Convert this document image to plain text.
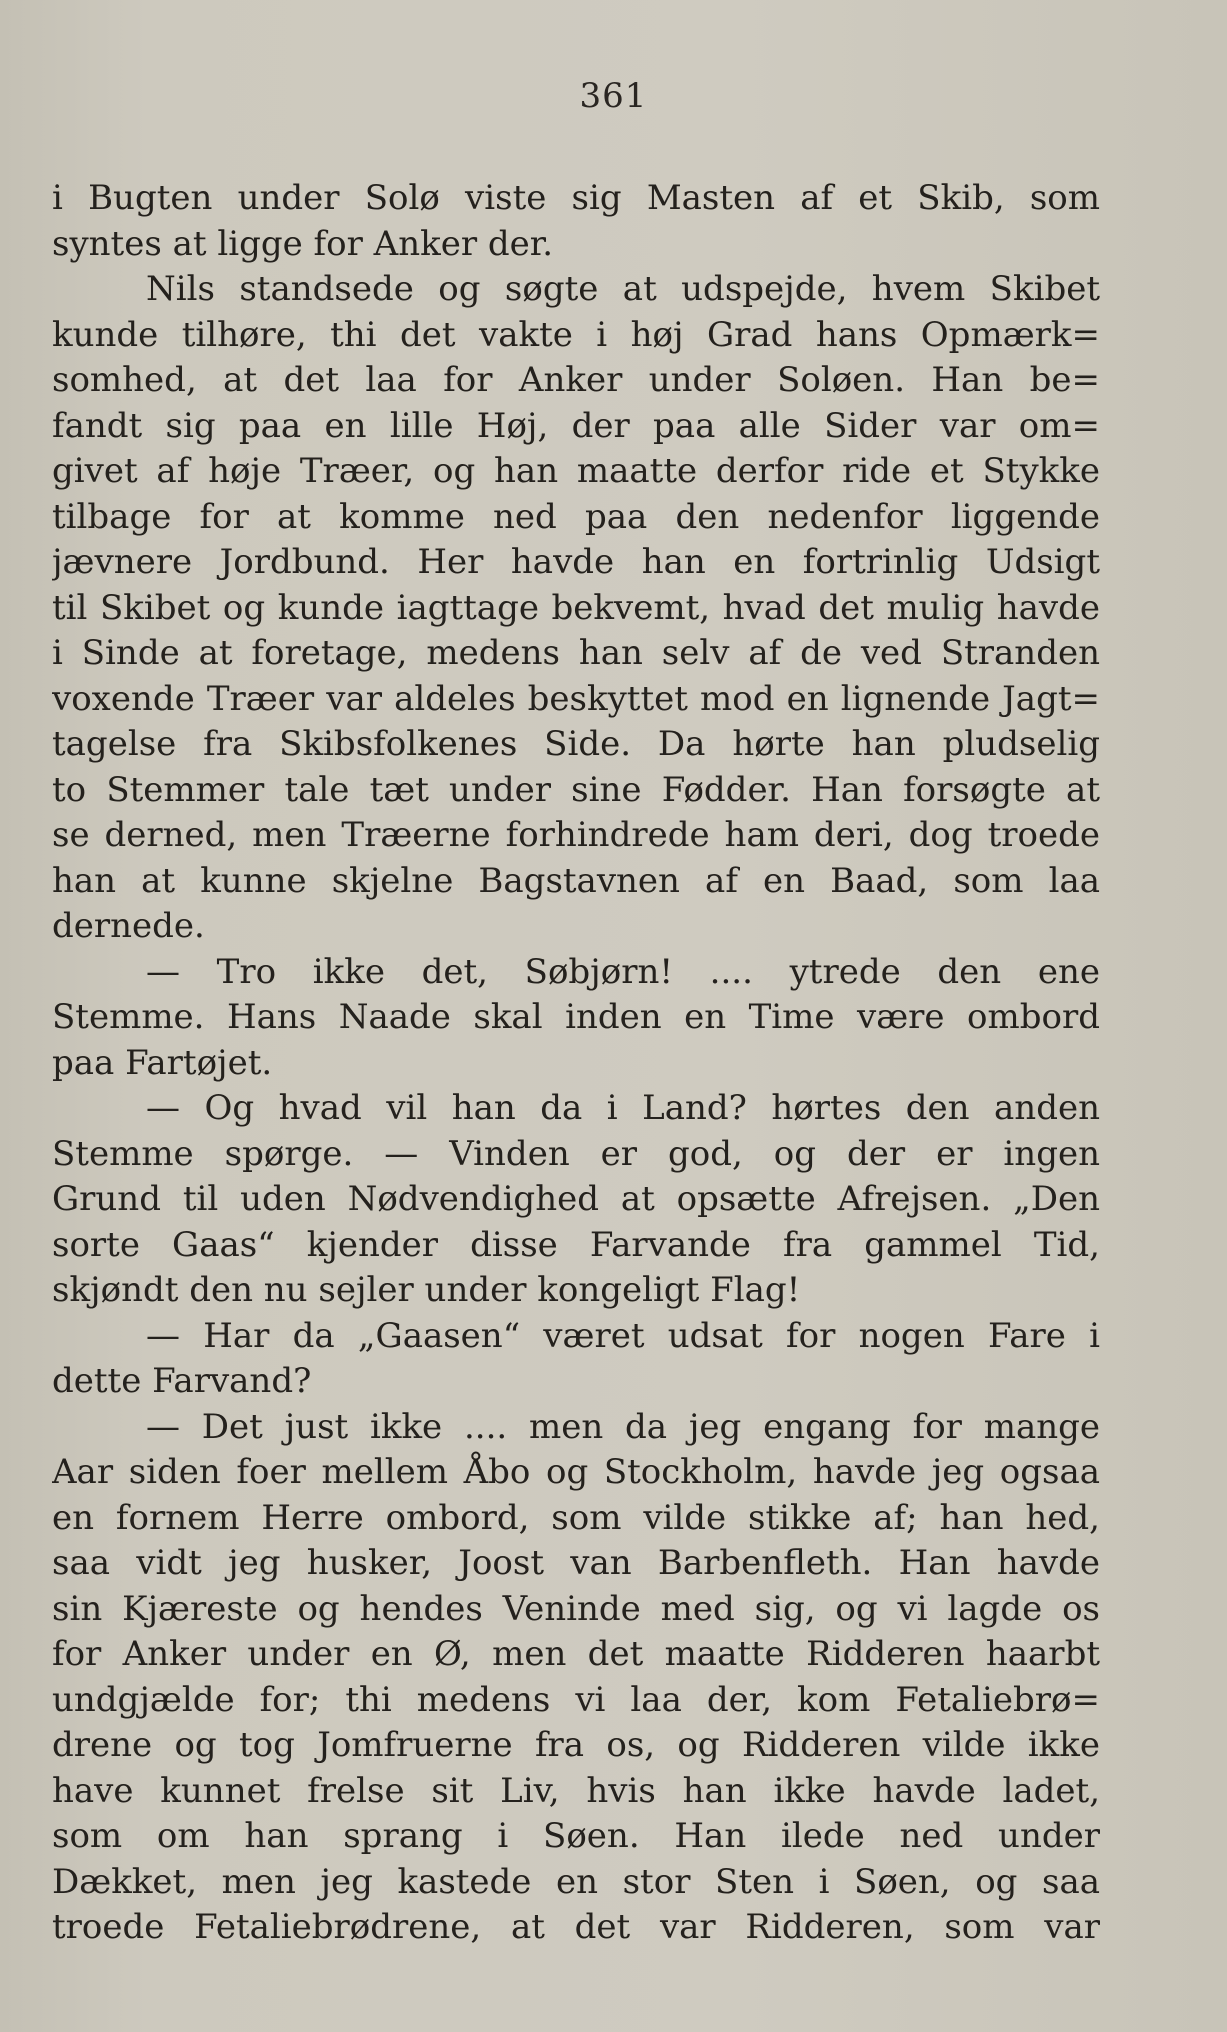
361
i Bugten under Solø viste sig Masten af et Skib, som
syntes at ligge for Anker der.
Nils standsede og søgte at udspejde, hvem Skibet
kunde tilhøre, thi det vakte i høj Grad hans Opmærk=
somhed, at det laa for Anker under Soløen. Han be=
fandt sig paa en lille Høj, der paa alle Sider var om=
givet af høje Træer, og han maatte derfor ride et Stykke
tilbage for at komme ned paa den nedenfor liggende
jævnere Jordbund. Her havde han en fortrinlig Udsigt
til Skibet og kunde iagttage bekvemt, hvad det mulig havde
i Sinde at foretage, medens han selv af de ved Stranden
voxende Træer var aldeles beskyttet mod en lignende Jagt=
tagelse fra Skibsfolkenes Side. Da hørte han pludselig
to Stemmer tale tæt under sine Fødder. Han forsøgte at
se derned, men Træerne forhindrede ham deri, dog troede
han at kunne skjelne Bagstavnen af en Baad, som laa
dernede.
— Tro ikke det, Søbjørn! .... ytrede den ene
Stemme. Hans Naade skal inden en Time være ombord
paa Fartøjet.
— Og hvad vil han da i Land? hørtes den anden
Stemme spørge. — Vinden er god, og der er ingen
Grund til uden Nødvendighed at opsætte Afrejsen. „Den
sorte Gaas“ kjender disse Farvande fra gammel Tid,
skjøndt den nu sejler under kongeligt Flag!
— Har da „Gaasen“ været udsat for nogen Fare i
dette Farvand?
— Det just ikke .... men da jeg engang for mange
Aar siden foer mellem Åbo og Stockholm, havde jeg ogsaa
en fornem Herre ombord, som vilde stikke af; han hed,
saa vidt jeg husker, Joost van Barbenfleth. Han havde
sin Kjæreste og hendes Veninde med sig, og vi lagde os
for Anker under en Ø, men det maatte Ridderen haarbt
undgjælde for; thi medens vi laa der, kom Fetaliebrø=
drene og tog Jomfruerne fra os, og Ridderen vilde ikke
have kunnet frelse sit Liv, hvis han ikke havde ladet,
som om han sprang i Søen. Han ilede ned under
Dækket, men jeg kastede en stor Sten i Søen, og saa
troede Fetaliebrødrene, at det var Ridderen, som var
